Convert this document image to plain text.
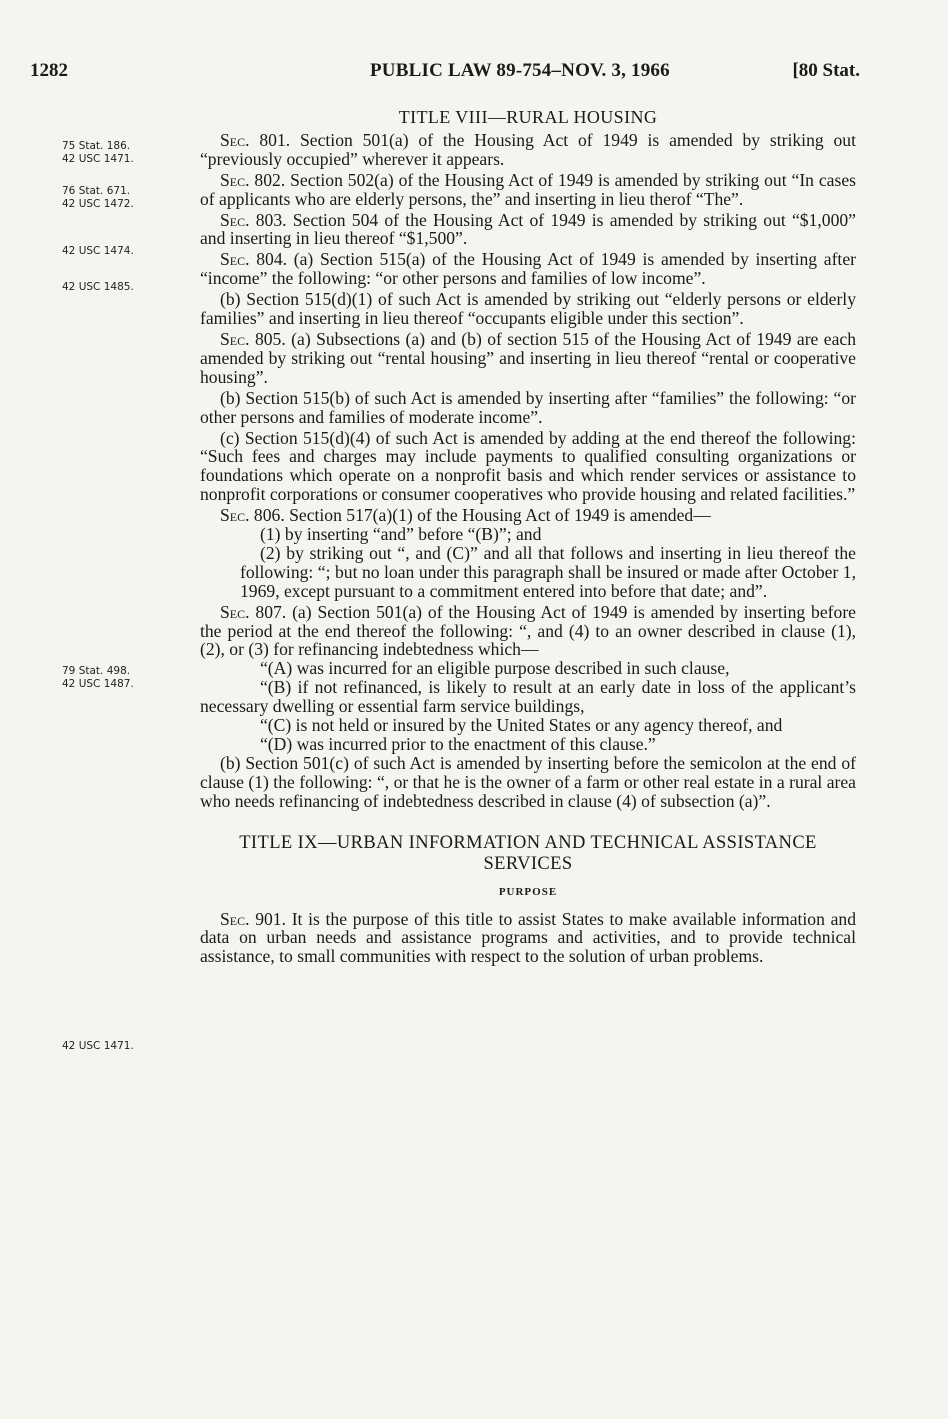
1282	PUBLIC LAW 89-754–NOV. 3, 1966	[80 Stat.
75 Stat. 186.
42 USC 1471.
76 Stat. 671.
42 USC 1472.
42 USC 1474.
42 USC 1485.
79 Stat. 498.
42 USC 1487.
42 USC 1471.

TITLE VIII—RURAL HOUSING

Sec. 801. Section 501(a) of the Housing Act of 1949 is amended by striking out “previously occupied” wherever it appears.

Sec. 802. Section 502(a) of the Housing Act of 1949 is amended by striking out “In cases of applicants who are elderly persons, the” and inserting in lieu therof “The”.

Sec. 803. Section 504 of the Housing Act of 1949 is amended by striking out “$1,000” and inserting in lieu thereof “$1,500”.

Sec. 804. (a) Section 515(a) of the Housing Act of 1949 is amended by inserting after “income” the following: “or other persons and families of low income”.

(b) Section 515(d)(1) of such Act is amended by striking out “elderly persons or elderly families” and inserting in lieu thereof “occupants eligible under this section”.

Sec. 805. (a) Subsections (a) and (b) of section 515 of the Housing Act of 1949 are each amended by striking out “rental housing” and inserting in lieu thereof “rental or cooperative housing”.

(b) Section 515(b) of such Act is amended by inserting after “families” the following: “or other persons and families of moderate income”.

(c) Section 515(d)(4) of such Act is amended by adding at the end thereof the following: “Such fees and charges may include payments to qualified consulting organizations or foundations which operate on a nonprofit basis and which render services or assistance to nonprofit corporations or consumer cooperatives who provide housing and related facilities.”

Sec. 806. Section 517(a)(1) of the Housing Act of 1949 is amended—

(1) by inserting “and” before “(B)”; and

(2) by striking out “, and (C)” and all that follows and inserting in lieu thereof the following: “; but no loan under this paragraph shall be insured or made after October 1, 1969, except pursuant to a commitment entered into before that date; and”.

Sec. 807. (a) Section 501(a) of the Housing Act of 1949 is amended by inserting before the period at the end thereof the following: “, and (4) to an owner described in clause (1), (2), or (3) for refinancing indebtedness which—

“(A) was incurred for an eligible purpose described in such clause,

“(B) if not refinanced, is likely to result at an early date in loss of the applicant’s necessary dwelling or essential farm service buildings,

“(C) is not held or insured by the United States or any agency thereof, and

“(D) was incurred prior to the enactment of this clause.”

(b) Section 501(c) of such Act is amended by inserting before the semicolon at the end of clause (1) the following: “, or that he is the owner of a farm or other real estate in a rural area who needs refinancing of indebtedness described in clause (4) of subsection (a)”.

TITLE IX—URBAN INFORMATION AND TECHNICAL ASSISTANCE SERVICES

PURPOSE

Sec. 901. It is the purpose of this title to assist States to make available information and data on urban needs and assistance programs and activities, and to provide technical assistance, to small communities with respect to the solution of urban problems.
